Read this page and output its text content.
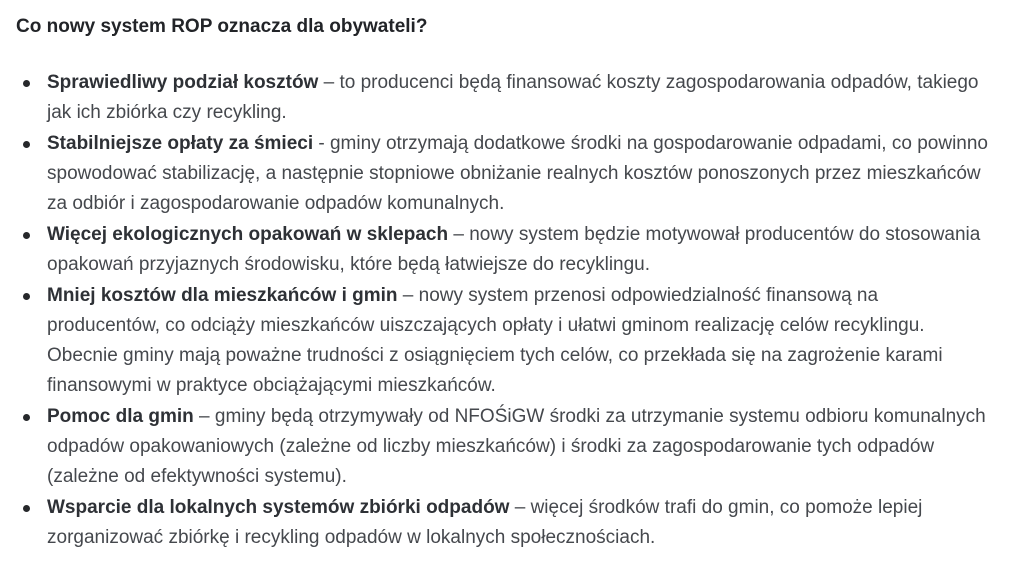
Co nowy system ROP oznacza dla obywateli?
Sprawiedliwy podział kosztów – to producenci będą finansować koszty zagospodarowania odpadów, takiego jak ich zbiórka czy recykling.
Stabilniejsze opłaty za śmieci - gminy otrzymają dodatkowe środki na gospodarowanie odpadami, co powinno spowodować stabilizację, a następnie stopniowe obniżanie realnych kosztów ponoszonych przez mieszkańców za odbiór i zagospodarowanie odpadów komunalnych.
Więcej ekologicznych opakowań w sklepach – nowy system będzie motywował producentów do stosowania opakowań przyjaznych środowisku, które będą łatwiejsze do recyklingu.
Mniej kosztów dla mieszkańców i gmin – nowy system przenosi odpowiedzialność finansową na producentów, co odciąży mieszkańców uiszczających opłaty i ułatwi gminom realizację celów recyklingu. Obecnie gminy mają poważne trudności z osiągnięciem tych celów, co przekłada się na zagrożenie karami finansowymi w praktyce obciążającymi mieszkańców.
Pomoc dla gmin – gminy będą otrzymywały od NFOŚiGW środki za utrzymanie systemu odbioru komunalnych odpadów opakowaniowych (zależne od liczby mieszkańców) i środki za zagospodarowanie tych odpadów (zależne od efektywności systemu).
Wsparcie dla lokalnych systemów zbiórki odpadów – więcej środków trafi do gmin, co pomoże lepiej zorganizować zbiórkę i recykling odpadów w lokalnych społecznościach.
